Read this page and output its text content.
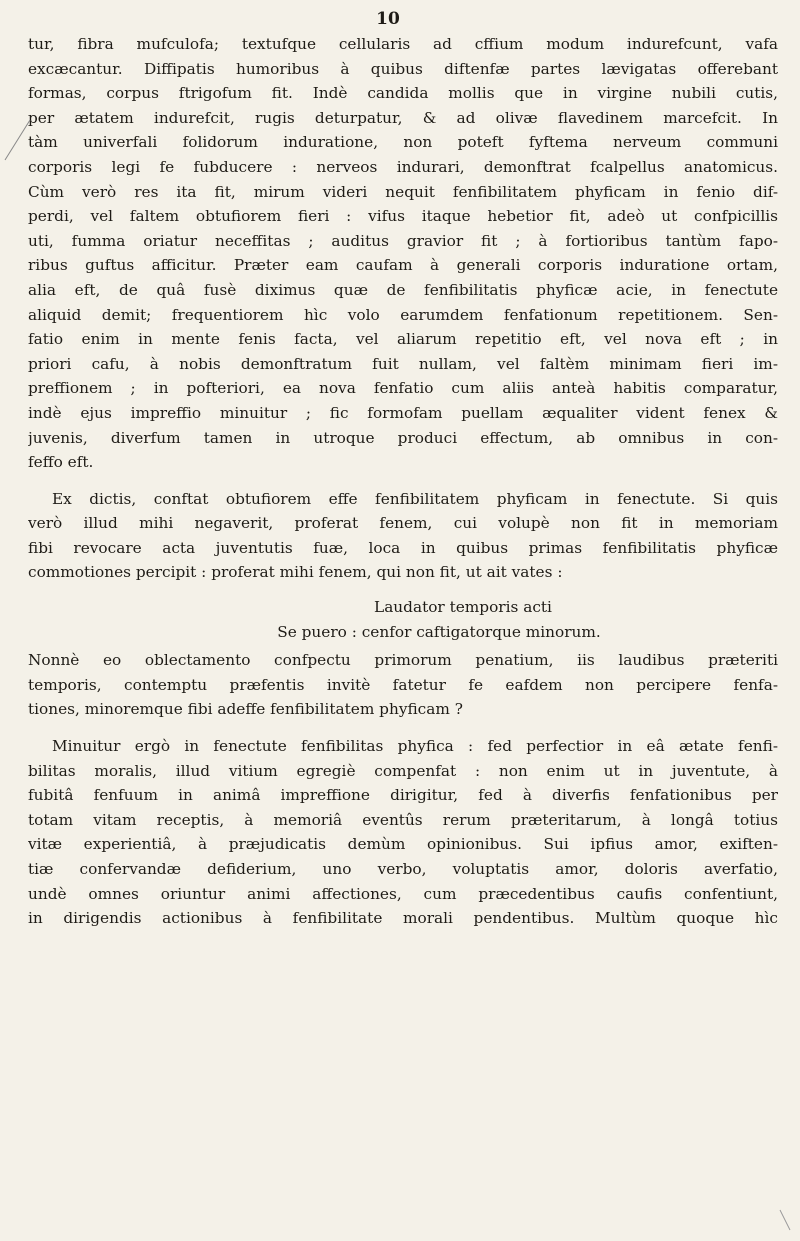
10
tur, fibra mufculofa; textufque cellularis ad cffium modum indurefcunt, vafa
excæcantur. Diffipatis humoribus à quibus diftenfæ partes lævigatas offerebant
formas, corpus ftrigofum fit. Indè candida mollis que in virgine nubili cutis,
per ætatem indurefcit, rugis deturpatur, & ad olivæ flavedinem marcefcit. In
tàm univerfali folidorum induratione, non poteft fyftema nerveum communi
corporis legi fe fubducere : nerveos indurari, demonftrat fcalpellus anatomicus.
Cùm verò res ita fit, mirum videri nequit fenfibilitatem phyficam in fenio dif-
perdi, vel faltem obtufiorem fieri : vifus itaque hebetior fit, adeò ut confpicillis
uti, fumma oriatur neceffitas ; auditus gravior fit ; à fortioribus tantùm fapo-
ribus guftus afficitur. Præter eam caufam à generali corporis induratione ortam,
alia eft, de quâ fusè diximus quæ de fenfibilitatis phyficæ acie, in fenectute
aliquid demit; frequentiorem hìc volo earumdem fenfationum repetitionem. Sen-
fatio enim in mente fenis facta, vel aliarum repetitio eft, vel nova eft ; in
priori cafu, à nobis demonftratum fuit nullam, vel faltèm minimam fieri im-
preffionem ; in pofteriori, ea nova fenfatio cum aliis anteà habitis comparatur,
indè ejus impreffio minuitur ; fic formofam puellam æqualiter vident fenex &
juvenis, diverfum tamen in utroque produci effectum, ab omnibus in con-
feffo eft.
Ex dictis, conftat obtufiorem effe fenfibilitatem phyficam in fenectute. Si quis
verò illud mihi negaverit, proferat fenem, cui volupè non fit in memoriam
fibi revocare acta juventutis fuæ, loca in quibus primas fenfibilitatis phyficæ
commotiones percipit : proferat mihi fenem, qui non fit, ut ait vates :
Laudator temporis acti
Se puero : cenfor caftigatorque minorum.
Nonnè eo oblectamento confpectu primorum penatium, iis laudibus præteriti
temporis, contemptu præfentis invitè fatetur fe eafdem non percipere fenfa-
tiones, minoremque fibi adeffe fenfibilitatem phyficam ?
Minuitur ergò in fenectute fenfibilitas phyfica : fed perfectior in eâ ætate fenfi-
bilitas moralis, illud vitium egregiè compenfat : non enim ut in juventute, à
fubitâ fenfuum in animâ impreffione dirigitur, fed à diverfis fenfationibus per
totam vitam receptis, à memoriâ eventûs rerum præteritarum, à longâ totius
vitæ experientiâ, à præjudicatis demùm opinionibus. Sui ipfius amor, exiften-
tiæ confervandæ defiderium, uno verbo, voluptatis amor, doloris averfatio,
undè omnes oriuntur animi affectiones, cum præcedentibus caufis confentiunt,
in dirigendis actionibus à fenfibilitate morali pendentibus. Multùm quoque hìc
